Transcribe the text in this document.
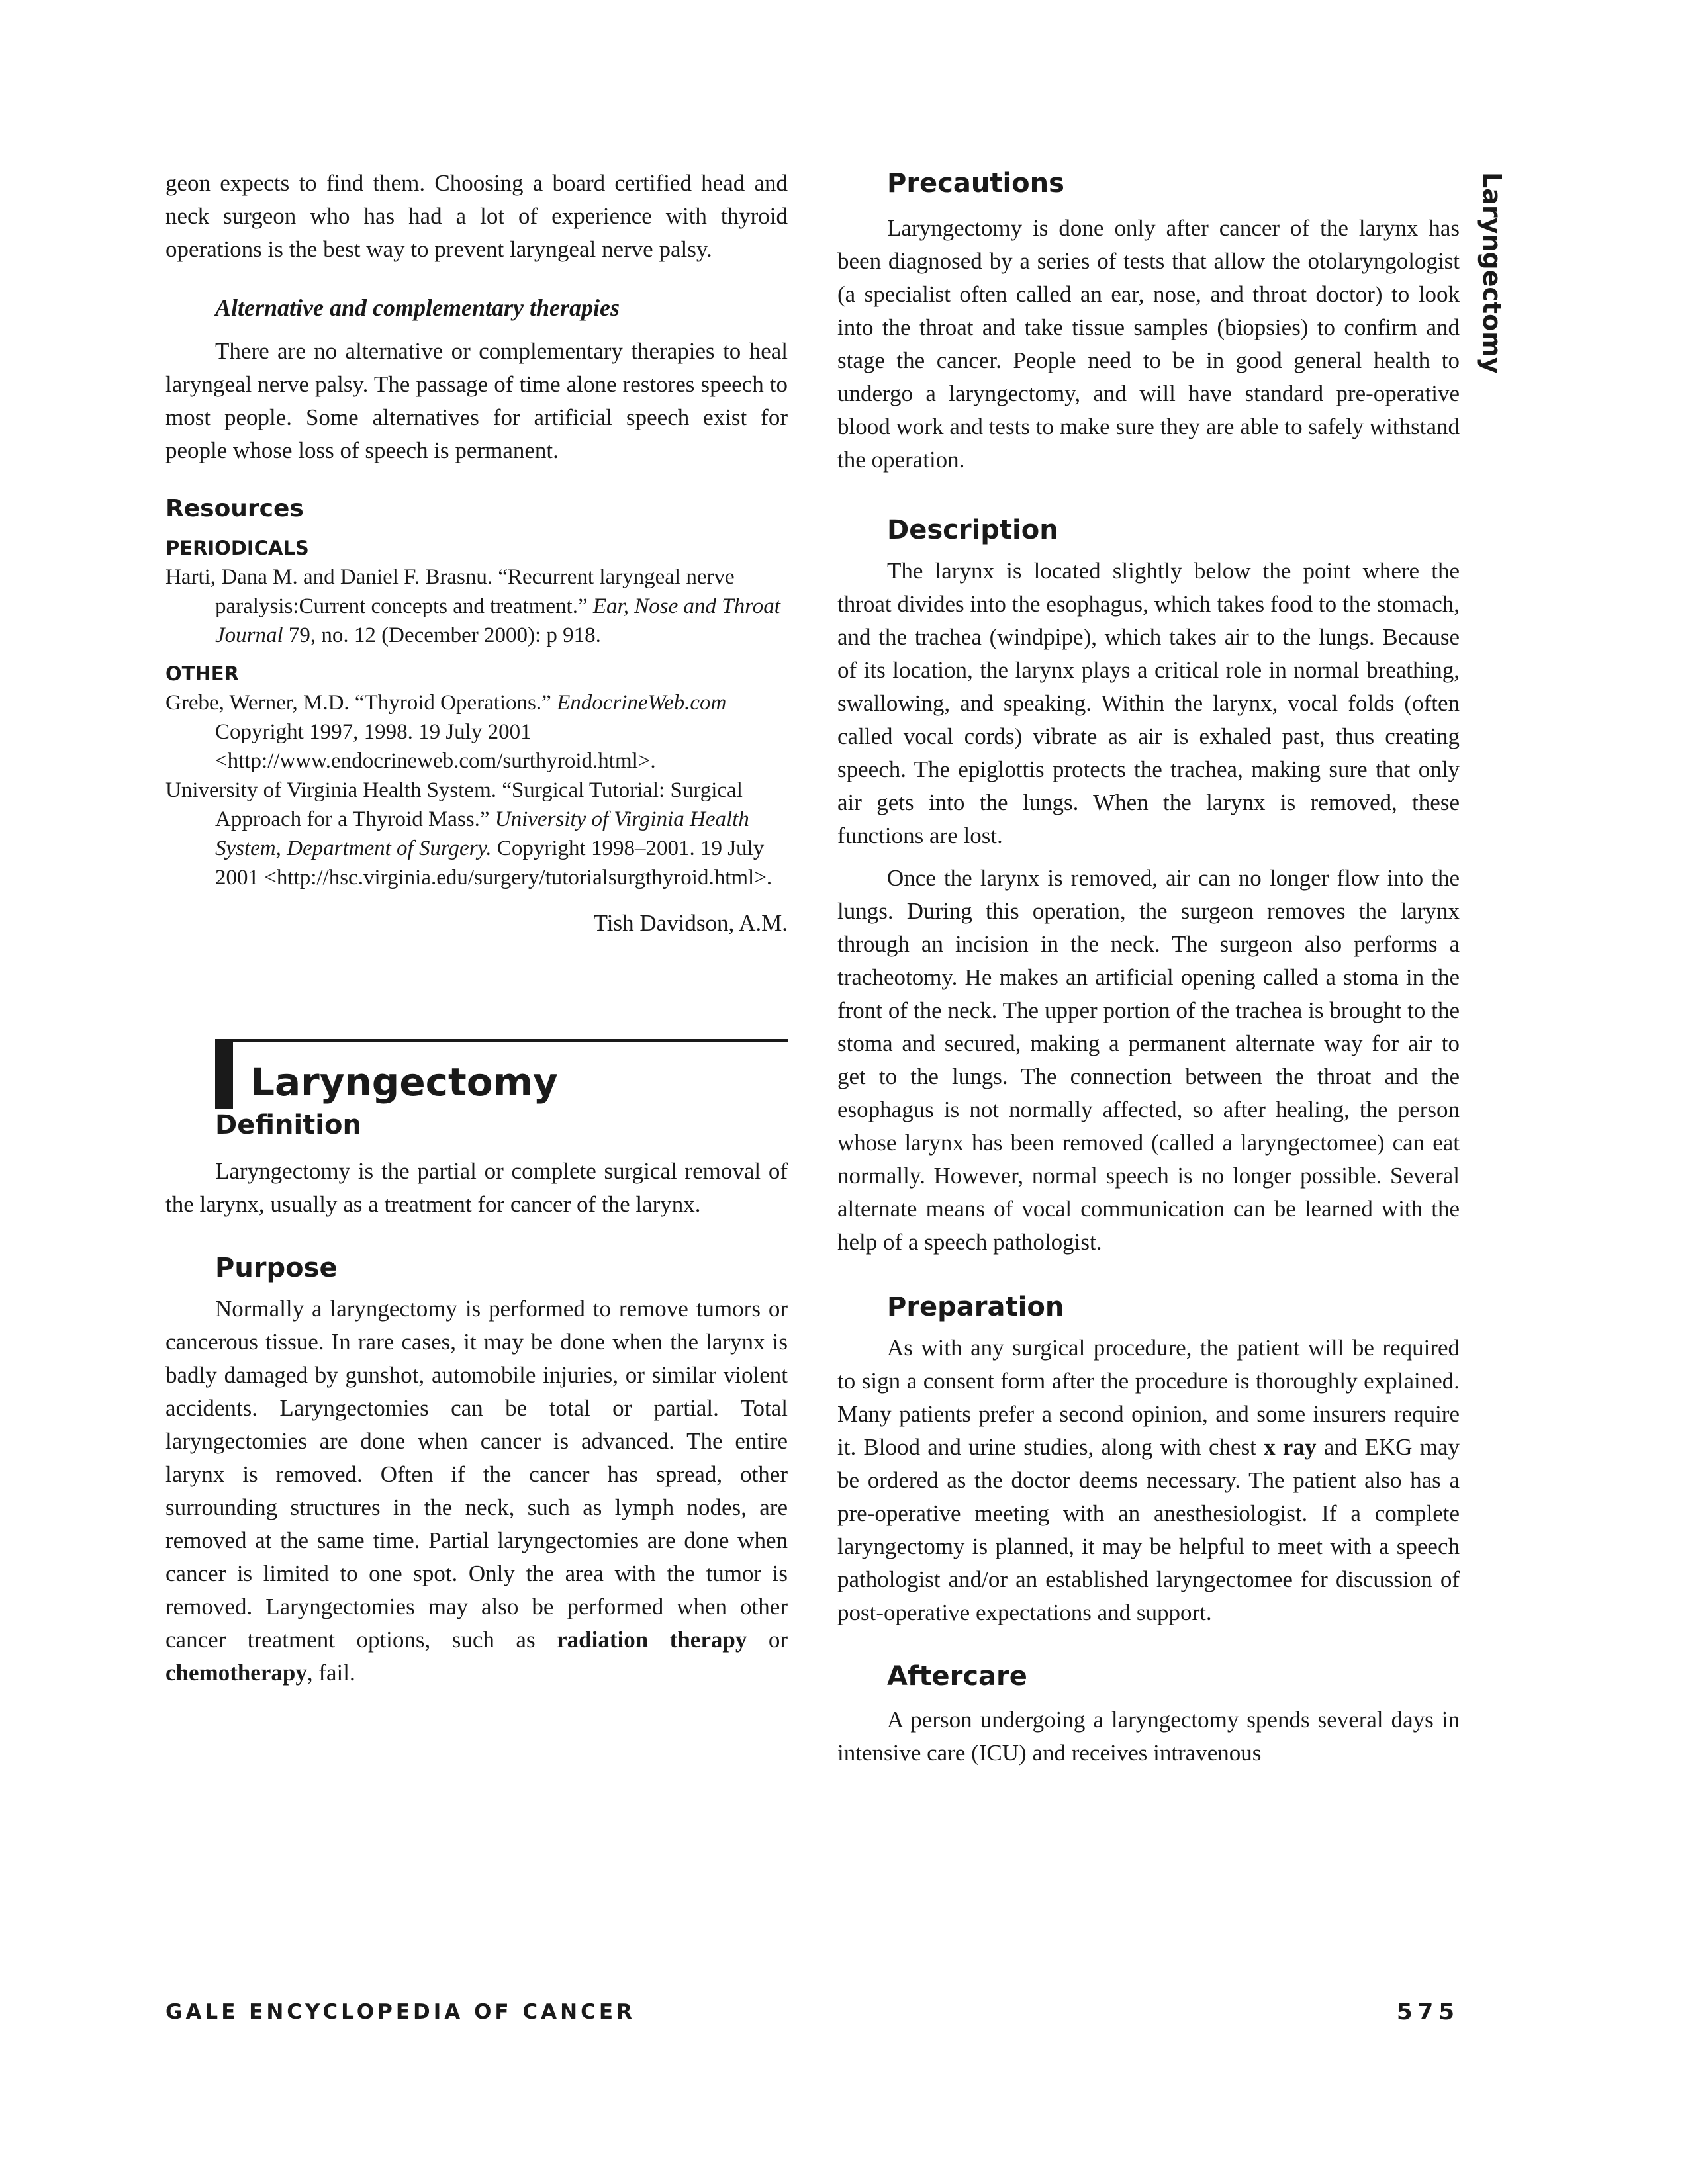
geon expects to find them. Choosing a board certified head and neck surgeon who has had a lot of experience with thyroid operations is the best way to prevent laryngeal nerve palsy.

Alternative and complementary therapies

There are no alternative or complementary therapies to heal laryngeal nerve palsy. The passage of time alone restores speech to most people. Some alternatives for artificial speech exist for people whose loss of speech is permanent.

Resources

PERIODICALS

Harti, Dana M. and Daniel F. Brasnu. “Recurrent laryngeal nerve paralysis:Current concepts and treatment.” Ear, Nose and Throat Journal 79, no. 12 (December 2000): p 918.

OTHER

Grebe, Werner, M.D. “Thyroid Operations.” EndocrineWeb.com Copyright 1997, 1998. 19 July 2001 <http://www.endocrineweb.com/surthyroid.html>.

University of Virginia Health System. “Surgical Tutorial: Surgical Approach for a Thyroid Mass.” University of Virginia Health System, Department of Surgery. Copyright 1998–2001. 19 July 2001 <http://hsc.virginia.edu/surgery/tutorialsurgthyroid.html>.

Tish Davidson, A.M.

Laryngectomy

Definition

Laryngectomy is the partial or complete surgical removal of the larynx, usually as a treatment for cancer of the larynx.

Purpose

Normally a laryngectomy is performed to remove tumors or cancerous tissue. In rare cases, it may be done when the larynx is badly damaged by gunshot, automobile injuries, or similar violent accidents. Laryngectomies can be total or partial. Total laryngectomies are done when cancer is advanced. The entire larynx is removed. Often if the cancer has spread, other surrounding structures in the neck, such as lymph nodes, are removed at the same time. Partial laryngectomies are done when cancer is limited to one spot. Only the area with the tumor is removed. Laryngectomies may also be performed when other cancer treatment options, such as radiation therapy or chemotherapy, fail.

Precautions

Laryngectomy is done only after cancer of the larynx has been diagnosed by a series of tests that allow the otolaryngologist (a specialist often called an ear, nose, and throat doctor) to look into the throat and take tissue samples (biopsies) to confirm and stage the cancer. People need to be in good general health to undergo a laryngectomy, and will have standard pre-operative blood work and tests to make sure they are able to safely withstand the operation.

Description

The larynx is located slightly below the point where the throat divides into the esophagus, which takes food to the stomach, and the trachea (windpipe), which takes air to the lungs. Because of its location, the larynx plays a critical role in normal breathing, swallowing, and speaking. Within the larynx, vocal folds (often called vocal cords) vibrate as air is exhaled past, thus creating speech. The epiglottis protects the trachea, making sure that only air gets into the lungs. When the larynx is removed, these functions are lost.

Once the larynx is removed, air can no longer flow into the lungs. During this operation, the surgeon removes the larynx through an incision in the neck. The surgeon also performs a tracheotomy. He makes an artificial opening called a stoma in the front of the neck. The upper portion of the trachea is brought to the stoma and secured, making a permanent alternate way for air to get to the lungs. The connection between the throat and the esophagus is not normally affected, so after healing, the person whose larynx has been removed (called a laryngectomee) can eat normally. However, normal speech is no longer possible. Several alternate means of vocal communication can be learned with the help of a speech pathologist.

Preparation

As with any surgical procedure, the patient will be required to sign a consent form after the procedure is thoroughly explained. Many patients prefer a second opinion, and some insurers require it. Blood and urine studies, along with chest x ray and EKG may be ordered as the doctor deems necessary. The patient also has a pre-operative meeting with an anesthesiologist. If a complete laryngectomy is planned, it may be helpful to meet with a speech pathologist and/or an established laryngectomee for discussion of post-operative expectations and support.

Aftercare

A person undergoing a laryngectomy spends several days in intensive care (ICU) and receives intravenous

Laryngectomy
GALE ENCYCLOPEDIA OF CANCER	575
